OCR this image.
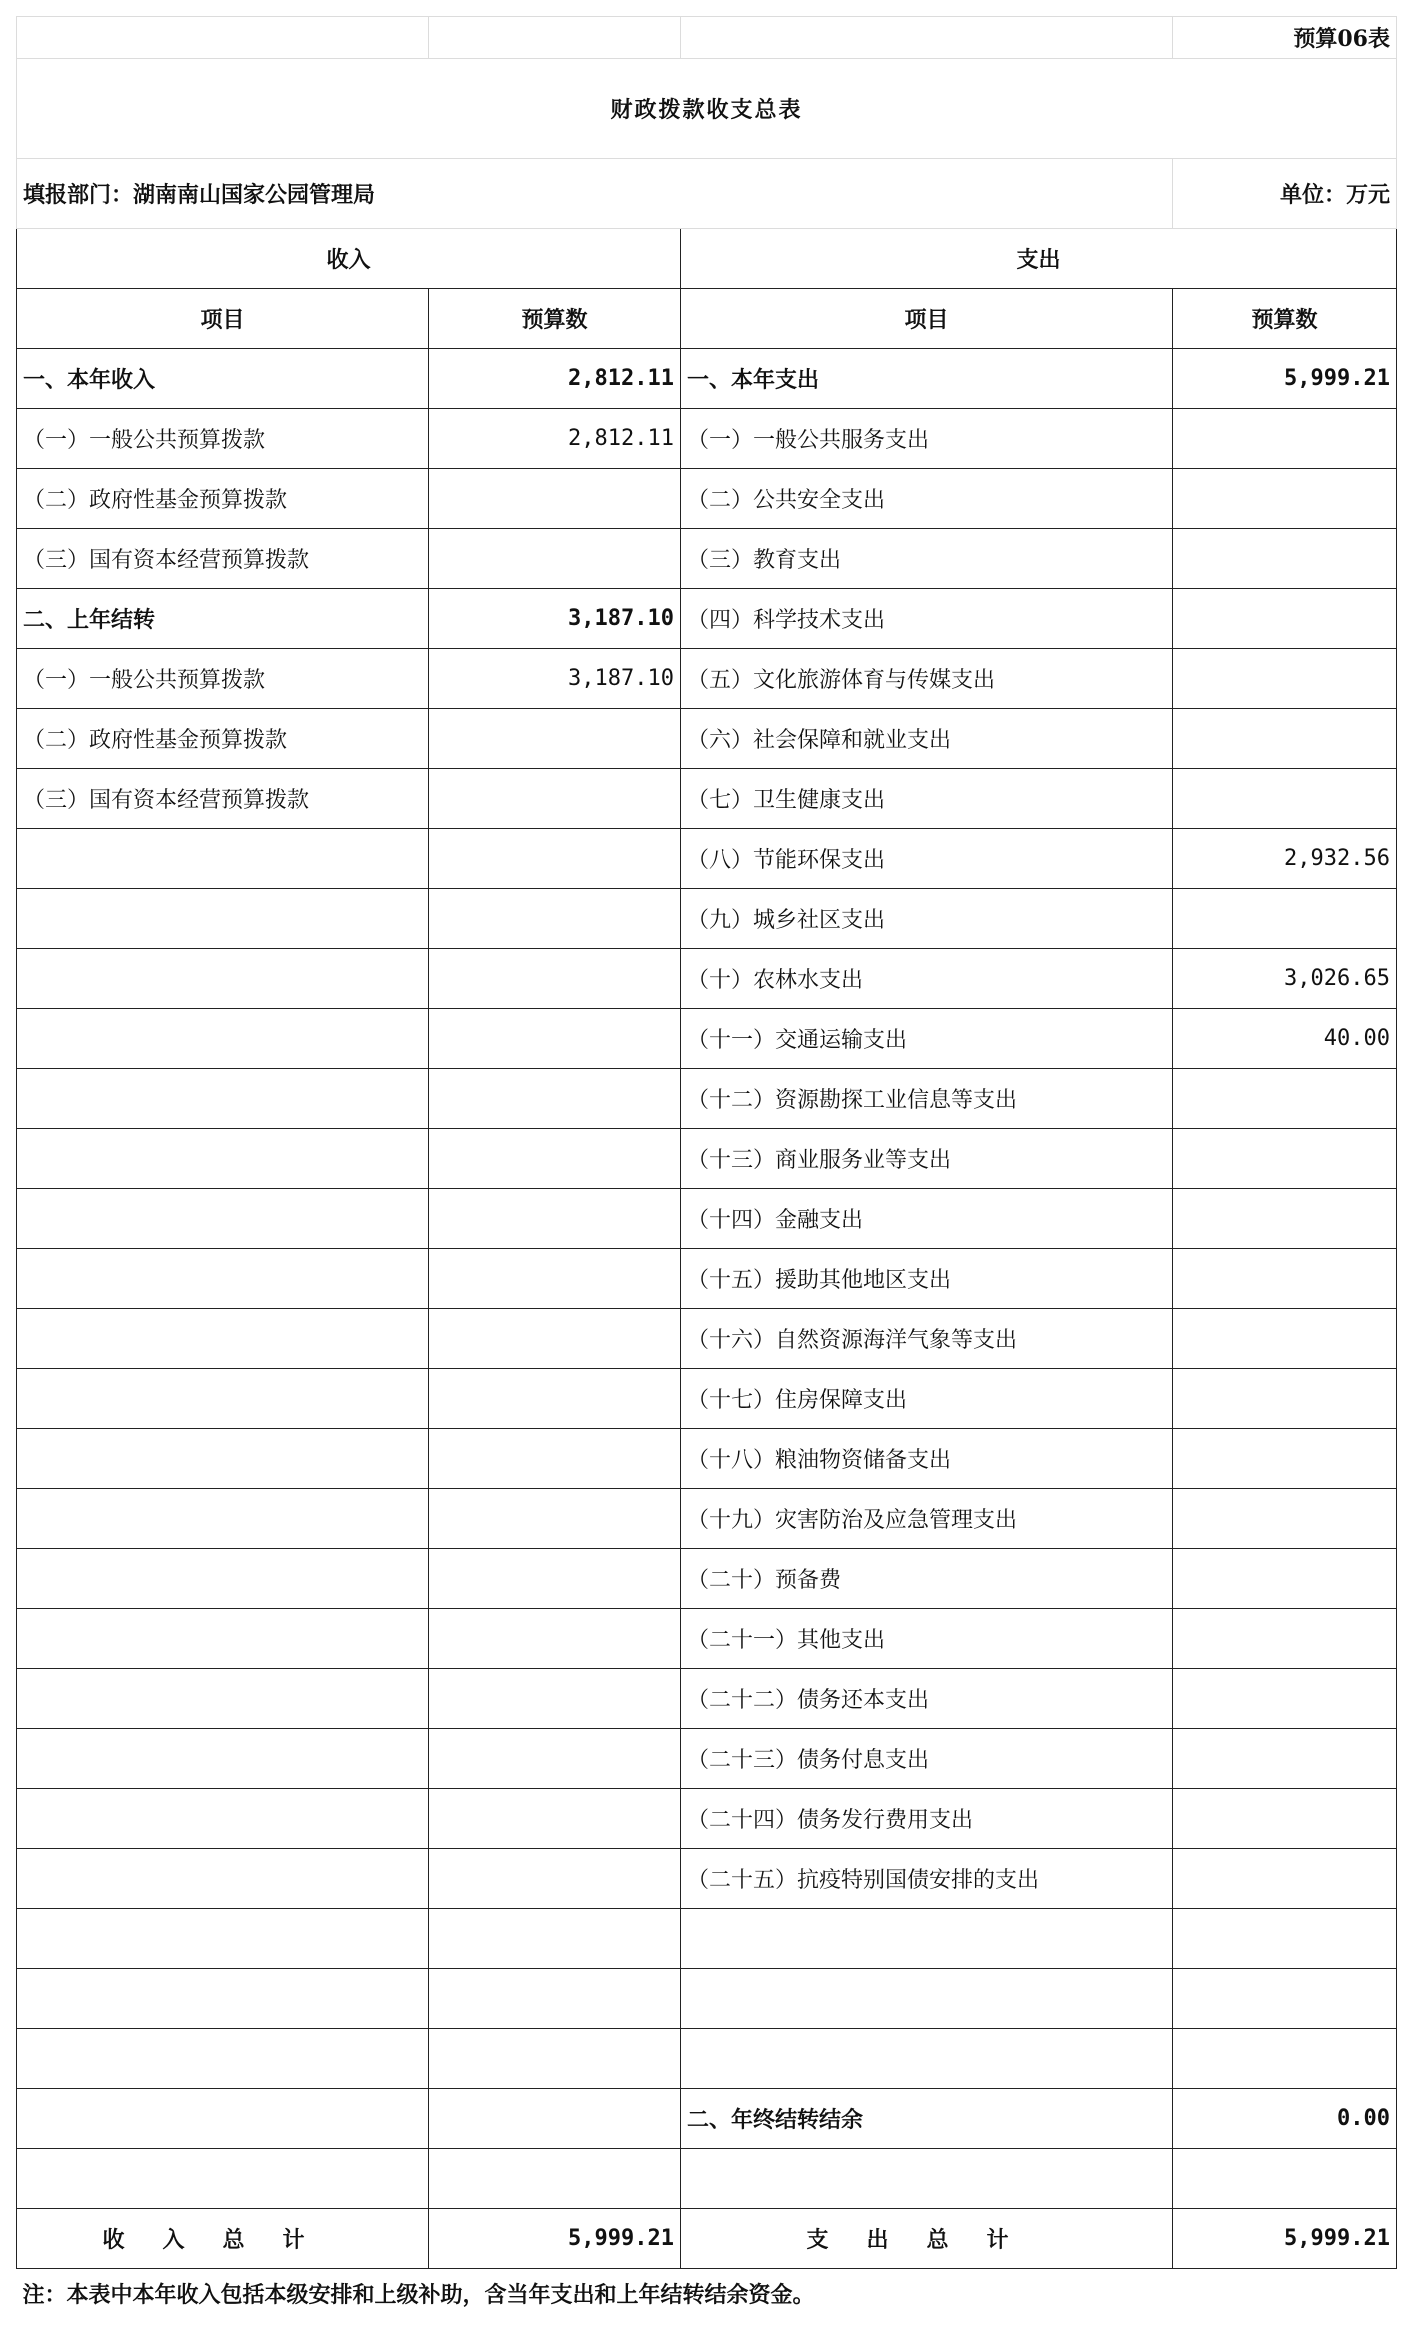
			预算06表
财政拨款收支总表			
填报部门：湖南南山国家公园管理局			单位：万元
收入		支出	
项目	预算数	项目	预算数
一、本年收入	2,812.11	一、本年支出	5,999.21
（一）一般公共预算拨款	2,812.11	（一）一般公共服务支出	
（二）政府性基金预算拨款		（二）公共安全支出	
（三）国有资本经营预算拨款		（三）教育支出	
二、上年结转	3,187.10	（四）科学技术支出	
（一）一般公共预算拨款	3,187.10	（五）文化旅游体育与传媒支出	
（二）政府性基金预算拨款		（六）社会保障和就业支出	
（三）国有资本经营预算拨款		（七）卫生健康支出	
		（八）节能环保支出	2,932.56
		（九）城乡社区支出	
		（十）农林水支出	3,026.65
		（十一）交通运输支出	40.00
		（十二）资源勘探工业信息等支出	
		（十三）商业服务业等支出	
		（十四）金融支出	
		（十五）援助其他地区支出	
		（十六）自然资源海洋气象等支出	
		（十七）住房保障支出	
		（十八）粮油物资储备支出	
		（十九）灾害防治及应急管理支出	
		（二十）预备费	
		（二十一）其他支出	
		（二十二）债务还本支出	
		（二十三）债务付息支出	
		（二十四）债务发行费用支出	
		（二十五）抗疫特别国债安排的支出	

		二、年终结转结余	0.00

收入总计	5,999.21	支出总计	5,999.21
注：本表中本年收入包括本级安排和上级补助，含当年支出和上年结转结余资金。			
